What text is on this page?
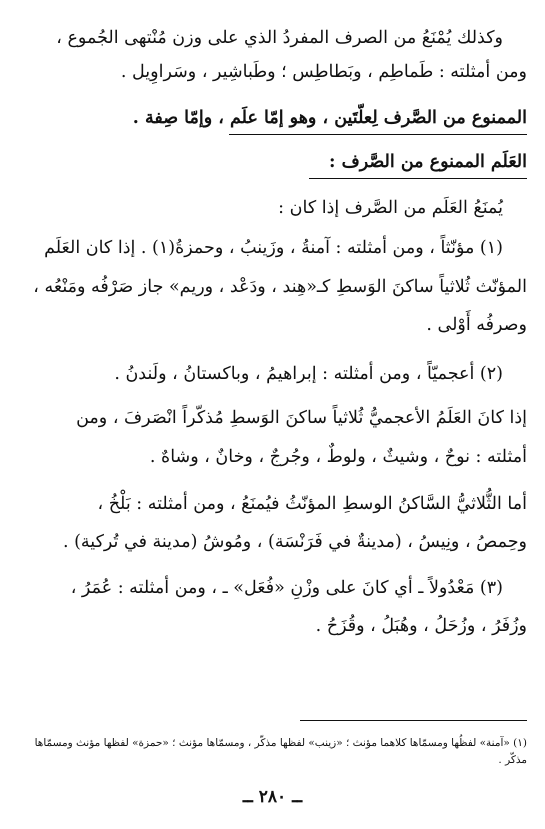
وكذلك يُمْنَعُ من الصرف المفردُ الذي على وزن مُنْتهى الجُموع ،
ومن أمثلته : طَماطِم ، وبَطاطِس ؛ وطَباشِير ، وسَراوِيل .
الممنوع من الصَّرف لِعلّتَين ، وهو إمّا علَم ، وإمّا صِفة .
العَلَم الممنوع من الصَّرف :
يُمنَعُ العَلَم من الصَّرف إذا كان :
(١) مؤنّثاً ، ومن أمثلته : آمنةُ ، وزَينبُ ، وحمزةُ(١) . إذا كان العَلَم
المؤنّث ثُلاثياً ساكنَ الوَسطِ كـ«هِند ، ودَعْد ، وريم» جاز صَرْفُه ومَنْعُه ،
وصرفُه أَوْلى .
(٢) أعجميّاً ، ومن أمثلته : إبراهيمُ ، وباكستانُ ، ولَندنُ .
إذا كانَ العَلَمُ الأعجميُّ ثُلاثياً ساكنَ الوَسطِ مُذكّراً انْصَرفَ ، ومن
أمثلته : نوحٌ ، وشيثٌ ، ولوطٌ ، وجُرجٌ ، وخانٌ ، وشاهٌ .
أما الثُّلاثيُّ السَّاكنُ الوسطِ المؤنّثُ فيُمنَعُ ، ومن أمثلته : بَلْخُ ،
وحِمصُ ، ونِيسُ ، (مدينةٌ في فَرَنْسَة) ، ومُوشُ (مدينة في تُركية) .
(٣) مَعْدُولاً ـ أي كانَ على وزْنِ «فُعَل» ـ ، ومن أمثلته : عُمَرُ ،
وزُفَرُ ، وزُحَلُ ، وهُبَلُ ، وقُزَحُ .
(١) «آمنة» لفظُها ومسمّاها كلاهما مؤنث ؛ «زينب» لفظها مذكّر ، ومسمّاها مؤنث ؛ «حمزة» لفظها مؤنث ومسمّاها
مذكّر .
ــ ٢٨٠ ــ
